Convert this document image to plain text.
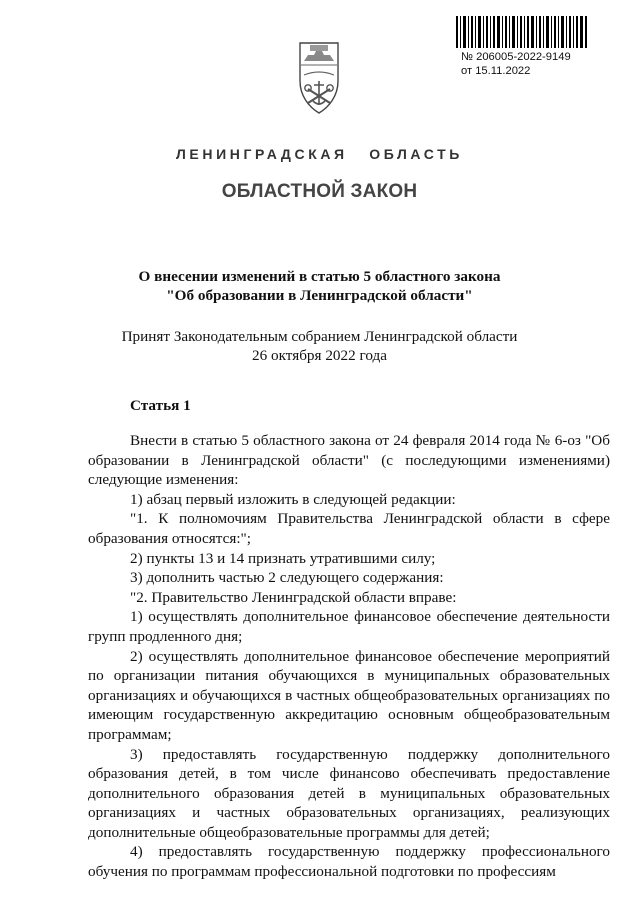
№ 206005-2022-9149
от 15.11.2022
ЛЕНИНГРАДСКАЯ ОБЛАСТЬ
ОБЛАСТНОЙ ЗАКОН
О внесении изменений в статью 5 областного закона
"Об образовании в Ленинградской области"
Принят Законодательным собранием Ленинградской области
26 октября 2022 года
Статья 1

Внести в статью 5 областного закона от 24 февраля 2014 года № 6-оз "Об образовании в Ленинградской области" (с последующими изменениями) следующие изменения:

1) абзац первый изложить в следующей редакции:

"1. К полномочиям Правительства Ленинградской области в сфере образования относятся:";

2) пункты 13 и 14 признать утратившими силу;

3) дополнить частью 2 следующего содержания:

"2. Правительство Ленинградской области вправе:

1) осуществлять дополнительное финансовое обеспечение деятельности групп продленного дня;

2) осуществлять дополнительное финансовое обеспечение мероприятий по организации питания обучающихся в муниципальных образовательных организациях и обучающихся в частных общеобразовательных организациях по имеющим государственную аккредитацию основным общеобразовательным программам;

3) предоставлять государственную поддержку дополнительного образования детей, в том числе финансово обеспечивать предоставление дополнительного образования детей в муниципальных образовательных организациях и частных образовательных организациях, реализующих дополнительные общеобразовательные программы для детей;

4) предоставлять государственную поддержку профессионального обучения по программам профессиональной подготовки по профессиям
